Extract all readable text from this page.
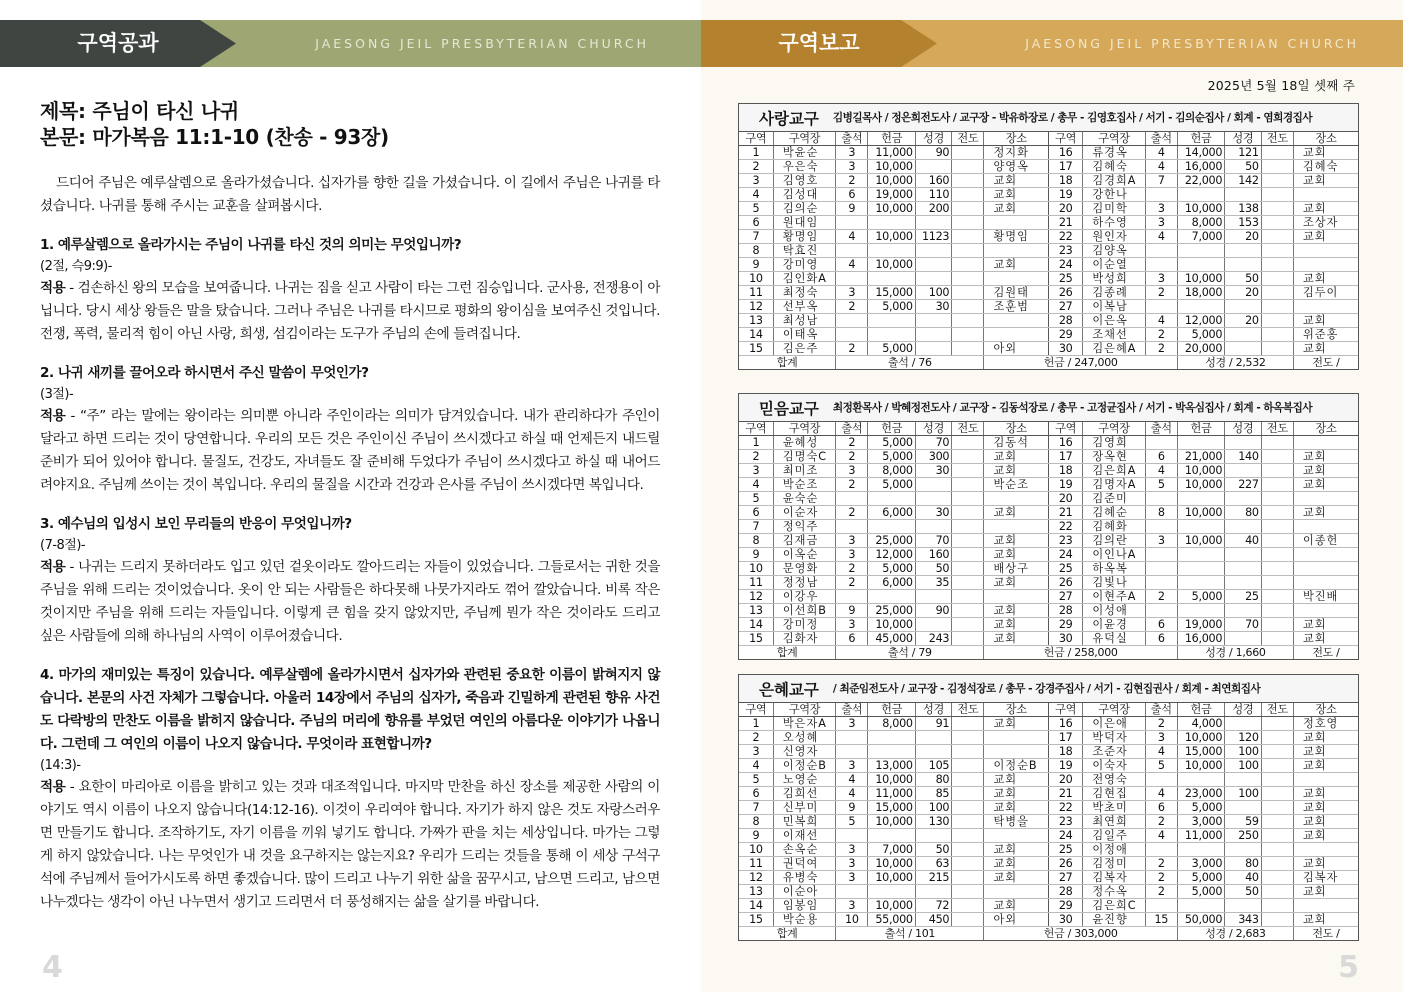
구역공과	JAESONG JEIL PRESBYTERIAN CHURCH
제목: 주님이 타신 나귀
본문: 마가복음 11:1-10 (찬송 - 93장)

드디어 주님은 예루살렘으로 올라가셨습니다. 십자가를 향한 길을 가셨습니다. 이 길에서 주님은 나귀를 타셨습니다. 나귀를 통해 주시는 교훈을 살펴봅시다.

1. 예루살렘으로 올라가시는 주님이 나귀를 타신 것의 의미는 무엇입니까?

(2절, 슥9:9)-

적용 - 검손하신 왕의 모습을 보여줍니다. 나귀는 짐을 싣고 사람이 타는 그런 짐승입니다. 군사용, 전쟁용이 아닙니다. 당시 세상 왕들은 말을 탔습니다. 그러나 주님은 나귀를 타시므로 평화의 왕이심을 보여주신 것입니다. 전쟁, 폭력, 물리적 힘이 아닌 사랑, 희생, 섬김이라는 도구가 주님의 손에 들려집니다.

2. 나귀 새끼를 끌어오라 하시면서 주신 말씀이 무엇인가?

(3절)-

적용 - “주” 라는 말에는 왕이라는 의미뿐 아니라 주인이라는 의미가 담겨있습니다. 내가 관리하다가 주인이 달라고 하면 드리는 것이 당연합니다. 우리의 모든 것은 주인이신 주님이 쓰시겠다고 하실 때 언제든지 내드릴 준비가 되어 있어야 합니다. 물질도, 건강도, 자녀들도 잘 준비해 두었다가 주님이 쓰시겠다고 하실 때 내어드려야지요. 주님께 쓰이는 것이 복입니다. 우리의 물질을 시간과 건강과 은사를 주님이 쓰시겠다면 복입니다.

3. 예수님의 입성시 보인 무리들의 반응이 무엇입니까?

(7-8절)-

적용 - 나귀는 드리지 못하더라도 입고 있던 겉옷이라도 깔아드리는 자들이 있었습니다. 그들로서는 귀한 것을 주님을 위해 드리는 것이었습니다. 옷이 안 되는 사람들은 하다못해 나뭇가지라도 꺾어 깔았습니다. 비록 작은 것이지만 주님을 위해 드리는 자들입니다. 이렇게 큰 힘을 갖지 않았지만, 주님께 뭔가 작은 것이라도 드리고 싶은 사람들에 의해 하나님의 사역이 이루어졌습니다.

4. 마가의 재미있는 특징이 있습니다. 예루살렘에 올라가시면서 십자가와 관련된 중요한 이름이 밝혀지지 않습니다. 본문의 사건 자체가 그렇습니다. 아울러 14장에서 주님의 십자가, 죽음과 긴밀하게 관련된 향유 사건도 다락방의 만찬도 이름을 밝히지 않습니다. 주님의 머리에 향유를 부었던 여인의 아름다운 이야기가 나옵니다. 그런데 그 여인의 이름이 나오지 않습니다. 무엇이라 표현합니까?

(14:3)-

적용 - 요한이 마리아로 이름을 밝히고 있는 것과 대조적입니다. 마지막 만찬을 하신 장소를 제공한 사람의 이야기도 역시 이름이 나오지 않습니다(14:12-16). 이것이 우리여야 합니다. 자기가 하지 않은 것도 자랑스러우면 만들기도 합니다. 조작하기도, 자기 이름을 끼워 넣기도 합니다. 가짜가 판을 치는 세상입니다. 마가는 그렇게 하지 않았습니다. 나는 무엇인가 내 것을 요구하지는 않는지요? 우리가 드리는 것들을 통해 이 세상 구석구석에 주님께서 들어가시도록 하면 좋겠습니다. 많이 드리고 나누기 위한 삶을 꿈꾸시고, 남으면 드리고, 남으면 나누겠다는 생각이 아닌 나누면서 생기고 드리면서 더 풍성해지는 삶을 살기를 바랍니다.

4
구역보고	JAESONG JEIL PRESBYTERIAN CHURCH
2025년 5월 18일 셋째 주
사랑교구	김병길목사 / 정은희전도사 / 교구장 - 박유하장로 / 총무 - 김영호집사 / 서기 - 김의순집사 / 회계 - 염희경집사
구역	구역장	출석	헌금	성경	전도	장소	구역	구역장	출석	헌금	성경	전도	장소
1	박윤순	3	11,000	90		정지화	16	류경옥	4	14,000	121		교회
2	우은숙	3	10,000			양영옥	17	김혜숙	4	16,000	50		김혜숙
3	김영호	2	10,000	160		교회	18	김경희A	7	22,000	142		교회
4	김성대	6	19,000	110		교회	19	강한나					
5	김의순	9	10,000	200		교회	20	김미학	3	10,000	138		교회
6	원대임						21	하수영	3	8,000	153		조상자
7	황명임	4	10,000	1123		황명임	22	원인자	4	7,000	20		교회
8	탁효진						23	김양옥					
9	강미영	4	10,000			교회	24	이순열					
10	김인화A						25	박성희	3	10,000	50		교회
11	최정숙	3	15,000	100		김원태	26	김종례	2	18,000	20		김두이
12	선부옥	2	5,000	30		조훈범	27	이복남					
13	최성남						28	이은옥	4	12,000	20		교회
14	이태옥						29	조채선	2	5,000			위준홍
15	김은주	2	5,000			아외	30	김은혜A	2	20,000			교회
합계		출석 / 76				헌금 / 247,000				성경 / 2,532			전도 /
믿음교구	최정환목사 / 박혜정전도사 / 교구장 - 김동석장로 / 총무 - 고정균집사 / 서기 - 박옥심집사 / 회계 - 하옥복집사
구역	구역장	출석	헌금	성경	전도	장소	구역	구역장	출석	헌금	성경	전도	장소
1	윤혜성	2	5,000	70		김동석	16	김영희					
2	김명숙C	2	5,000	300		교회	17	장옥현	6	21,000	140		교회
3	최미조	3	8,000	30		교회	18	김은희A	4	10,000			교회
4	박순조	2	5,000			박순조	19	김명자A	5	10,000	227		교회
5	윤숙순						20	김준미					
6	이순자	2	6,000	30		교회	21	김혜순	8	10,000	80		교회
7	정익주						22	김혜화					
8	김재금	3	25,000	70		교회	23	김의란	3	10,000	40		이종헌
9	이옥순	3	12,000	160		교회	24	이인나A					
10	문영화	2	5,000	50		배상구	25	하옥복					
11	정정남	2	6,000	35		교회	26	김빛나					
12	이강우						27	이현주A	2	5,000	25		박진배
13	이선희B	9	25,000	90		교회	28	이성애					
14	강미정	3	10,000			교회	29	이윤경	6	19,000	70		교회
15	김화자	6	45,000	243		교회	30	유덕실	6	16,000			교회
합계		출석 / 79				헌금 / 258,000				성경 / 1,660			전도 /
은혜교구	/ 최준임전도사 / 교구장 - 김정석장로 / 총무 - 강경주집사 / 서기 - 김현집권사 / 회계 - 최연희집사
구역	구역장	출석	헌금	성경	전도	장소	구역	구역장	출석	헌금	성경	전도	장소
1	박은자A	3	8,000	91		교회	16	이은애	2	4,000			정호영
2	오성혜						17	박덕자	3	10,000	120		교회
3	신영자						18	조준자	4	15,000	100		교회
4	이정순B	3	13,000	105		이정순B	19	이숙자	5	10,000	100		교회
5	노영순	4	10,000	80		교회	20	전영숙					
6	김희선	4	11,000	85		교회	21	김현집	4	23,000	100		교회
7	신부미	9	15,000	100		교회	22	박초미	6	5,000			교회
8	민복희	5	10,000	130		탁병을	23	최연희	2	3,000	59		교회
9	이재선						24	김일주	4	11,000	250		교회
10	손옥순	3	7,000	50		교회	25	이정애					
11	권덕여	3	10,000	63		교회	26	김정미	2	3,000	80		교회
12	유병숙	3	10,000	215		교회	27	김복자	2	5,000	40		김복자
13	이순아						28	정수옥	2	5,000	50		교회
14	임봉임	3	10,000	72		교회	29	김은희C					
15	박순용	10	55,000	450		아외	30	윤진향	15	50,000	343		교회
합계		출석 / 101				헌금 / 303,000				성경 / 2,683			전도 /
5
